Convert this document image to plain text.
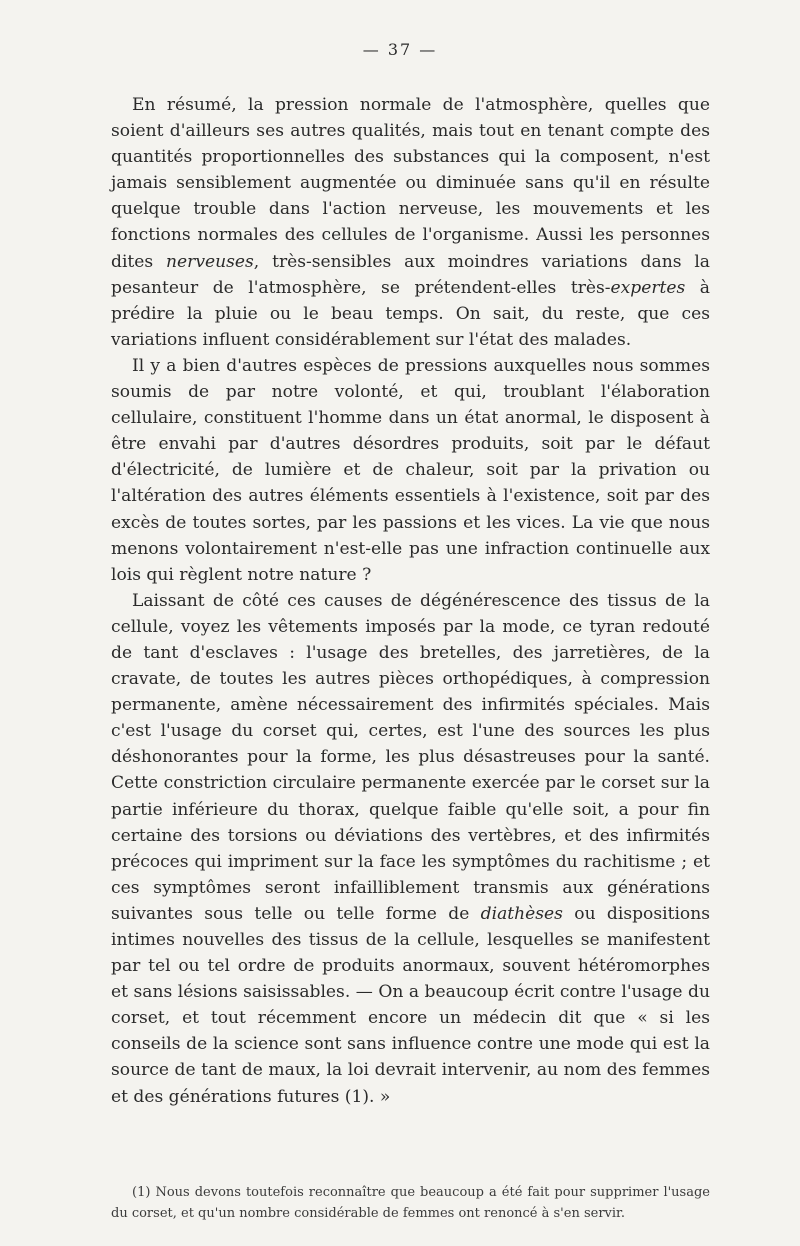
— 37 —

En résumé, la pression normale de l'atmosphère, quelles que soient d'ailleurs ses autres qualités, mais tout en tenant compte des quantités proportionnelles des substances qui la composent, n'est jamais sensiblement augmentée ou diminuée sans qu'il en résulte quelque trouble dans l'action nerveuse, les mouvements et les fonctions normales des cellules de l'organisme. Aussi les personnes dites nerveuses, très-sensibles aux moindres variations dans la pesanteur de l'atmosphère, se prétendent-elles très-expertes à prédire la pluie ou le beau temps. On sait, du reste, que ces variations influent considérablement sur l'état des malades.

Il y a bien d'autres espèces de pressions auxquelles nous sommes soumis de par notre volonté, et qui, troublant l'élaboration cellulaire, constituent l'homme dans un état anormal, le disposent à être envahi par d'autres désordres produits, soit par le défaut d'électricité, de lumière et de chaleur, soit par la privation ou l'altération des autres éléments essentiels à l'existence, soit par des excès de toutes sortes, par les passions et les vices. La vie que nous menons volontairement n'est-elle pas une infraction continuelle aux lois qui règlent notre nature ?

Laissant de côté ces causes de dégénérescence des tissus de la cellule, voyez les vêtements imposés par la mode, ce tyran redouté de tant d'esclaves : l'usage des bretelles, des jarretières, de la cravate, de toutes les autres pièces orthopédiques, à compression permanente, amène nécessairement des infirmités spéciales. Mais c'est l'usage du corset qui, certes, est l'une des sources les plus déshonorantes pour la forme, les plus désastreuses pour la santé. Cette constriction circulaire permanente exercée par le corset sur la partie inférieure du thorax, quelque faible qu'elle soit, a pour fin certaine des torsions ou déviations des vertèbres, et des infirmités précoces qui impriment sur la face les symptômes du rachitisme ; et ces symptômes seront infailliblement transmis aux générations suivantes sous telle ou telle forme de diathèses ou dispositions intimes nouvelles des tissus de la cellule, lesquelles se manifestent par tel ou tel ordre de produits anormaux, souvent hétéromorphes et sans lésions saisissables. — On a beaucoup écrit contre l'usage du corset, et tout récemment encore un médecin dit que « si les conseils de la science sont sans influence contre une mode qui est la source de tant de maux, la loi devrait intervenir, au nom des femmes et des générations futures (1). »

(1) Nous devons toutefois reconnaître que beaucoup a été fait pour supprimer l'usage du corset, et qu'un nombre considérable de femmes ont renoncé à s'en servir.
